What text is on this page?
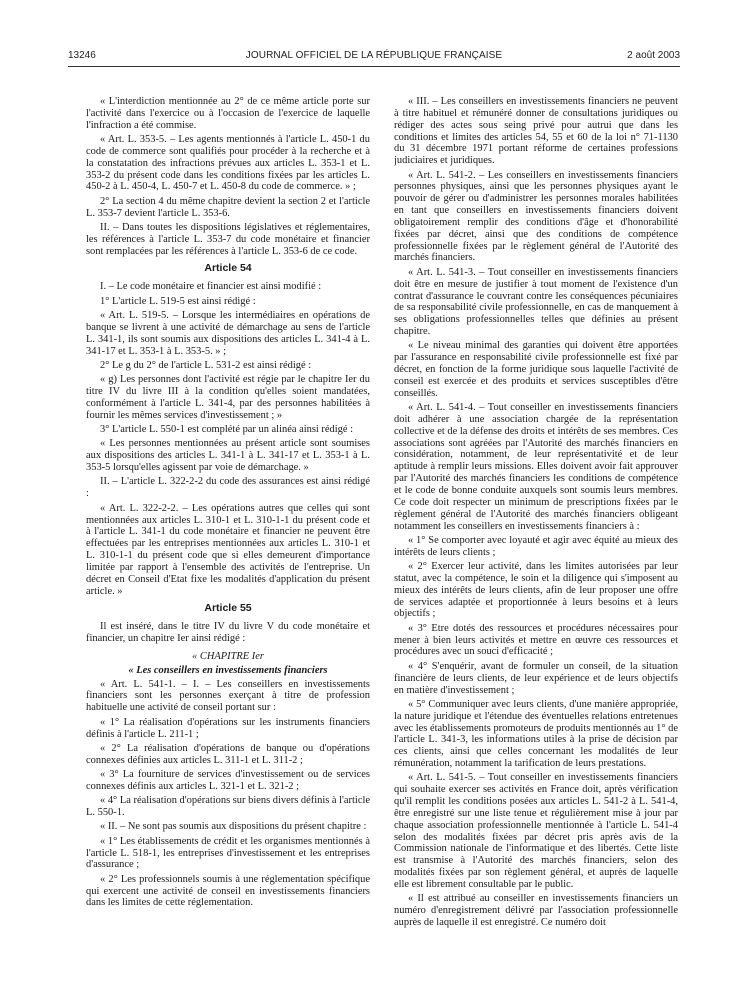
13246	JOURNAL OFFICIEL DE LA RÉPUBLIQUE FRANÇAISE	2 août 2003
« L'interdiction mentionnée au 2° de ce même article porte sur l'activité dans l'exercice ou à l'occasion de l'exercice de laquelle l'infraction a été commise.
« Art. L. 353-5. – Les agents mentionnés à l'article L. 450-1 du code de commerce sont qualifiés pour procéder à la recherche et à la constatation des infractions prévues aux articles L. 353-1 et L. 353-2 du présent code dans les conditions fixées par les articles L. 450-2 à L. 450-4, L. 450-7 et L. 450-8 du code de commerce. » ;
2° La section 4 du même chapitre devient la section 2 et l'article L. 353-7 devient l'article L. 353-6.
II. – Dans toutes les dispositions législatives et réglementaires, les références à l'article L. 353-7 du code monétaire et financier sont remplacées par les références à l'article L. 353-6 de ce code.
Article 54
I. – Le code monétaire et financier est ainsi modifié :
1° L'article L. 519-5 est ainsi rédigé :
« Art. L. 519-5. – Lorsque les intermédiaires en opérations de banque se livrent à une activité de démarchage au sens de l'article L. 341-1, ils sont soumis aux dispositions des articles L. 341-4 à L. 341-17 et L. 353-1 à L. 353-5. » ;
2° Le g du 2° de l'article L. 531-2 est ainsi rédigé :
« g) Les personnes dont l'activité est régie par le chapitre Ier du titre IV du livre III à la condition qu'elles soient mandatées, conformément à l'article L. 341-4, par des personnes habilitées à fournir les mêmes services d'investissement ; »
3° L'article L. 550-1 est complété par un alinéa ainsi rédigé :
« Les personnes mentionnées au présent article sont soumises aux dispositions des articles L. 341-1 à L. 341-17 et L. 353-1 à L. 353-5 lorsqu'elles agissent par voie de démarchage. »
II. – L'article L. 322-2-2 du code des assurances est ainsi rédigé :
« Art. L. 322-2-2. – Les opérations autres que celles qui sont mentionnées aux articles L. 310-1 et L. 310-1-1 du présent code et à l'article L. 341-1 du code monétaire et financier ne peuvent être effectuées par les entreprises mentionnées aux articles L. 310-1 et L. 310-1-1 du présent code que si elles demeurent d'importance limitée par rapport à l'ensemble des activités de l'entreprise. Un décret en Conseil d'Etat fixe les modalités d'application du présent article. »
Article 55
Il est inséré, dans le titre IV du livre V du code monétaire et financier, un chapitre Ier ainsi rédigé :
« CHAPITRE Ier
« Les conseillers en investissements financiers
« Art. L. 541-1. – I. – Les conseillers en investissements financiers sont les personnes exerçant à titre de profession habituelle une activité de conseil portant sur :
« 1° La réalisation d'opérations sur les instruments financiers définis à l'article L. 211-1 ;
« 2° La réalisation d'opérations de banque ou d'opérations connexes définies aux articles L. 311-1 et L. 311-2 ;
« 3° La fourniture de services d'investissement ou de services connexes définis aux articles L. 321-1 et L. 321-2 ;
« 4° La réalisation d'opérations sur biens divers définis à l'article L. 550-1.
« II. – Ne sont pas soumis aux dispositions du présent chapitre :
« 1° Les établissements de crédit et les organismes mentionnés à l'article L. 518-1, les entreprises d'investissement et les entreprises d'assurance ;
« 2° Les professionnels soumis à une réglementation spécifique qui exercent une activité de conseil en investissements financiers dans les limites de cette réglementation.
« III. – Les conseillers en investissements financiers ne peuvent à titre habituel et rémunéré donner de consultations juridiques ou rédiger des actes sous seing privé pour autrui que dans les conditions et limites des articles 54, 55 et 60 de la loi n° 71-1130 du 31 décembre 1971 portant réforme de certaines professions judiciaires et juridiques.
« Art. L. 541-2. – Les conseillers en investissements financiers personnes physiques, ainsi que les personnes physiques ayant le pouvoir de gérer ou d'administrer les personnes morales habilitées en tant que conseillers en investissements financiers doivent obligatoirement remplir des conditions d'âge et d'honorabilité fixées par décret, ainsi que des conditions de compétence professionnelle fixées par le règlement général de l'Autorité des marchés financiers.
« Art. L. 541-3. – Tout conseiller en investissements financiers doit être en mesure de justifier à tout moment de l'existence d'un contrat d'assurance le couvrant contre les conséquences pécuniaires de sa responsabilité civile professionnelle, en cas de manquement à ses obligations professionnelles telles que définies au présent chapitre.
« Le niveau minimal des garanties qui doivent être apportées par l'assurance en responsabilité civile professionnelle est fixé par décret, en fonction de la forme juridique sous laquelle l'activité de conseil est exercée et des produits et services susceptibles d'être conseillés.
« Art. L. 541-4. – Tout conseiller en investissements financiers doit adhérer à une association chargée de la représentation collective et de la défense des droits et intérêts de ses membres. Ces associations sont agréées par l'Autorité des marchés financiers en considération, notamment, de leur représentativité et de leur aptitude à remplir leurs missions. Elles doivent avoir fait approuver par l'Autorité des marchés financiers les conditions de compétence et le code de bonne conduite auxquels sont soumis leurs membres. Ce code doit respecter un minimum de prescriptions fixées par le règlement général de l'Autorité des marchés financiers obligeant notamment les conseillers en investissements financiers à :
« 1° Se comporter avec loyauté et agir avec équité au mieux des intérêts de leurs clients ;
« 2° Exercer leur activité, dans les limites autorisées par leur statut, avec la compétence, le soin et la diligence qui s'imposent au mieux des intérêts de leurs clients, afin de leur proposer une offre de services adaptée et proportionnée à leurs besoins et à leurs objectifs ;
« 3° Etre dotés des ressources et procédures nécessaires pour mener à bien leurs activités et mettre en œuvre ces ressources et procédures avec un souci d'efficacité ;
« 4° S'enquérir, avant de formuler un conseil, de la situation financière de leurs clients, de leur expérience et de leurs objectifs en matière d'investissement ;
« 5° Communiquer avec leurs clients, d'une manière appropriée, la nature juridique et l'étendue des éventuelles relations entretenues avec les établissements promoteurs de produits mentionnés au 1° de l'article L. 341-3, les informations utiles à la prise de décision par ces clients, ainsi que celles concernant les modalités de leur rémunération, notamment la tarification de leurs prestations.
« Art. L. 541-5. – Tout conseiller en investissements financiers qui souhaite exercer ses activités en France doit, après vérification qu'il remplit les conditions posées aux articles L. 541-2 à L. 541-4, être enregistré sur une liste tenue et régulièrement mise à jour par chaque association professionnelle mentionnée à l'article L. 541-4 selon des modalités fixées par décret pris après avis de la Commission nationale de l'informatique et des libertés. Cette liste est transmise à l'Autorité des marchés financiers, selon des modalités fixées par son règlement général, et auprès de laquelle elle est librement consultable par le public.
« Il est attribué au conseiller en investissements financiers un numéro d'enregistrement délivré par l'association professionnelle auprès de laquelle il est enregistré. Ce numéro doit
